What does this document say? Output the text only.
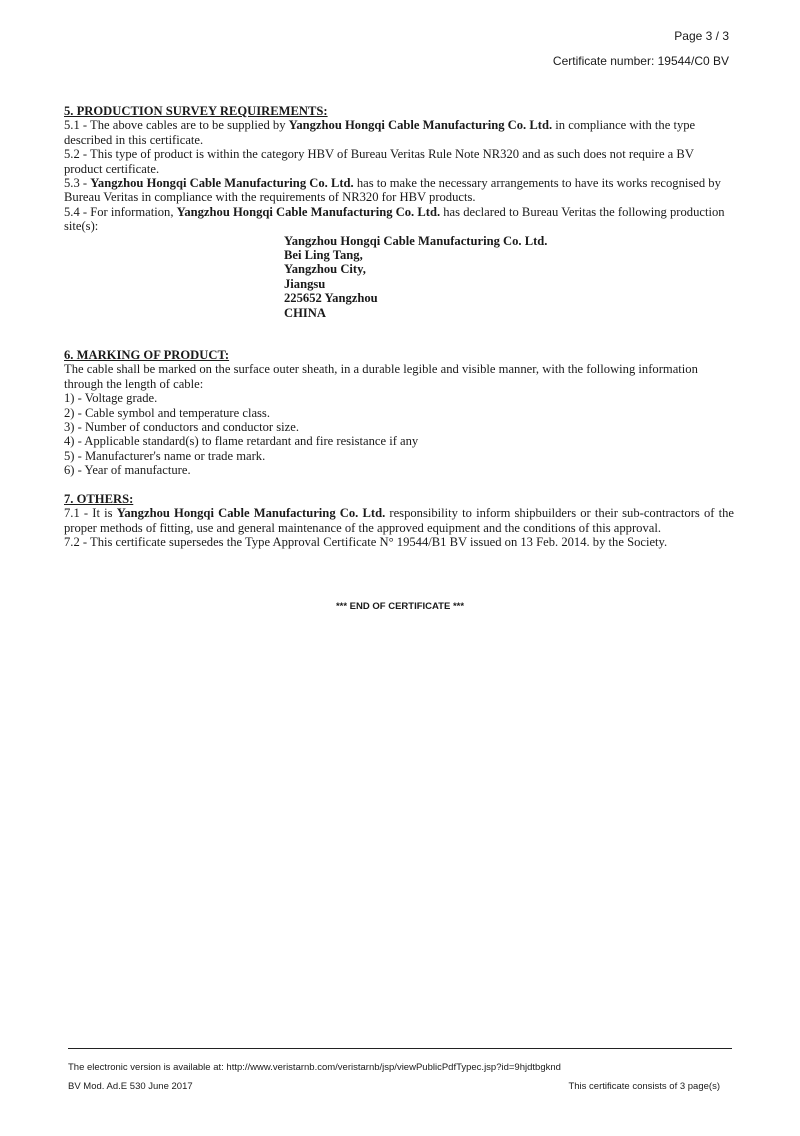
Page 3 / 3
Certificate number: 19544/C0 BV
5. PRODUCTION SURVEY REQUIREMENTS:
5.1 - The above cables are to be supplied by Yangzhou Hongqi Cable Manufacturing Co. Ltd. in compliance with the type described in this certificate.
5.2 - This type of product is within the category HBV of Bureau Veritas Rule Note NR320 and as such does not require a BV product certificate.
5.3 - Yangzhou Hongqi Cable Manufacturing Co. Ltd. has to make the necessary arrangements to have its works recognised by Bureau Veritas in compliance with the requirements of NR320 for HBV products.
5.4 - For information, Yangzhou Hongqi Cable Manufacturing Co. Ltd. has declared to Bureau Veritas the following production site(s):
Yangzhou Hongqi Cable Manufacturing Co. Ltd.
Bei Ling Tang,
Yangzhou City,
Jiangsu
225652 Yangzhou
CHINA
6. MARKING OF PRODUCT:
The cable shall be marked on the surface outer sheath, in a durable legible and visible manner, with the following information through the length of cable:
1) - Voltage grade.
2) - Cable symbol and temperature class.
3) - Number of conductors and conductor size.
4) - Applicable standard(s) to flame retardant and fire resistance if any
5) - Manufacturer's name or trade mark.
6) - Year of manufacture.
7. OTHERS:
7.1 - It is Yangzhou Hongqi Cable Manufacturing Co. Ltd. responsibility to inform shipbuilders or their sub-contractors of the proper methods of fitting, use and general maintenance of the approved equipment and the conditions of this approval.
7.2 - This certificate supersedes the Type Approval Certificate N° 19544/B1 BV issued on 13 Feb. 2014. by the Society.
*** END OF CERTIFICATE ***
The electronic version is available at: http://www.veristarnb.com/veristarnb/jsp/viewPublicPdfTypec.jsp?id=9hjdtbgknd
BV Mod. Ad.E 530 June 2017	This certificate consists of 3 page(s)
